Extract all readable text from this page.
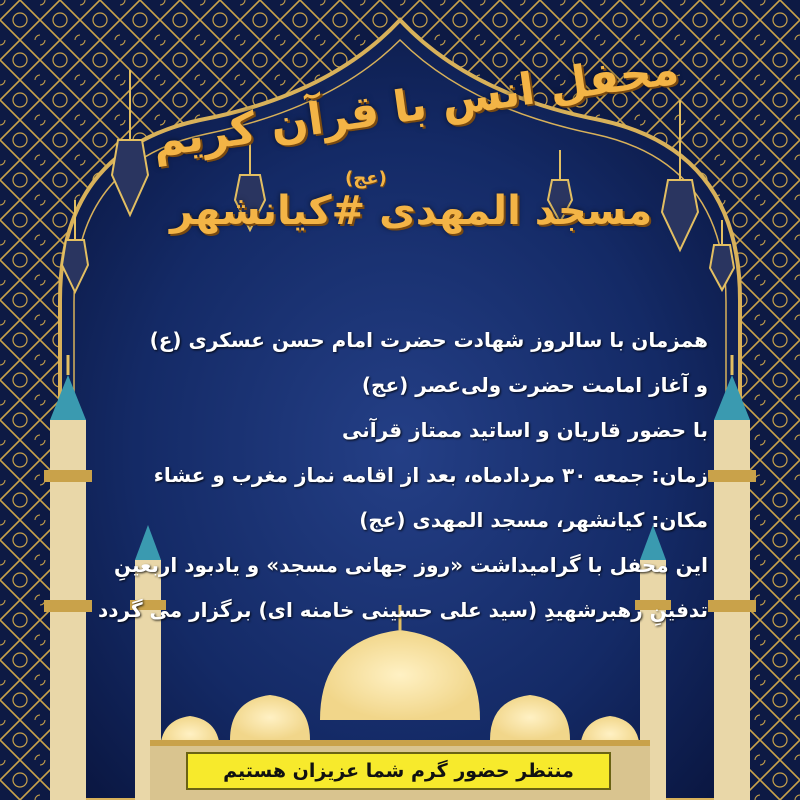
محفل انس با قرآن کریم
(عج)
مسجد المهدی #کیانشهر
همزمان با سالروز شهادت حضرت امام حسن عسکری (ع)
و آغاز امامت حضرت ولی‌عصر (عج)
با حضور قاریان و اساتید ممتاز قرآنی
زمان: جمعه ۳۰ مردادماه، بعد از اقامه نماز مغرب و عشاء
مکان: کیانشهر، مسجد المهدی (عج)
این محفل با گرامیداشت «روز جهانی مسجد» و یادبود اربعینِ
تدفینِ رهبرشهیدِ (سید علی حسینی خامنه ای) برگزار می گردد
منتظر حضور گرم شما عزیزان هستیم
